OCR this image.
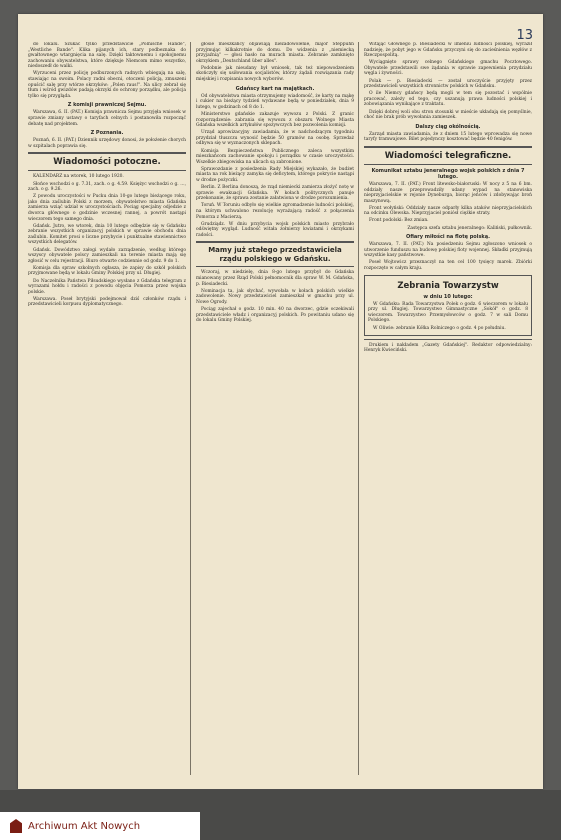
13

do lokalu. Szukać tylko przedstawicie „Polnische Hande", „Westliche Bande". Klika pijanych ich, stary podbeznaka do gwałtownego wtargnięcia na salę. Dzięki taktownemu i spokojnemu zachowaniu obywatelstwa, które dziękuje Niemcom mimo wszystko, niedoszedł do walki.

Wyrzuceni przez policję podburzonych radnych wbiegają na salę, stawiając na swoim. Polacy radni obecni, otoczeni policją, zmuszeni opuścić salę przy wtórze okrzyków: „Polen raus!". Na ulicy zebrał się tłum i wśród gwizdów padają okrzyki do ochrony porządku, ale policja tylko się przygląda.

Z komisji prawniczej Sejmu.

Warszawa, 6. II. (PAT.) Komisja prawnicza Sejmu przyjęła wniosek w sprawie zmiany ustawy o taryfach celnych i postanowiła rozpocząć debatę nad projektem.

Z Poznania.

Poznań, 6. II. (PAT.) Dziennik urzędowy donosi, że położenie chorych w szpitalach poprawia się.

Wiadomości potoczne.

KALENDARZ na wtorek, 10 lutego 1920.

Słońce wschodzi o g. 7.31, zach. o g. 4.59. Księżyc wschodzi o g. …, zach. o g. 9.26.

Z powodu uroczystości w Pucku dnia 10-go lutego bieżącego roku, jako dnia zaślubin Polski z morzem, obywatelstwo miasta Gdańska zamierza wziąć udział w uroczystościach. Pociąg specjalny odjedzie z dworca głównego o godzinie wczesnej rannej, a powrót nastąpi wieczorem tego samego dnia.

Gdańsk. Jutro, we wtorek, dnia 10 lutego odbędzie się w Gdańsku zebranie wszystkich organizacyj polskich w sprawie obchodu dnia zaślubin. Komitet prosi o liczne przybycie i punktualne stawiennictwo wszystkich delegatów.

Gdańsk. Dowództwo załogi wydało zarządzenie, według którego wszyscy obywatele polscy zamieszkali na terenie miasta mają się zgłosić w celu rejestracji. Biuro otwarte codziennie od godz. 9 do 1.

Komisja dla spraw szkolnych ogłasza, że zapisy do szkół polskich przyjmowane będą w lokalu Gminy Polskiej przy ul. Długiej.

Do Naczelnika Państwa Piłsudskiego wysłano z Gdańska telegram z wyrazami hołdu i radości z powodu objęcia Pomorza przez wojska polskie.

Warszawa. Poseł brytyjski podejmował dziś członków rządu i przedstawicieli korpusu dyplomatycznego.

głosie mieszkańcy objawiają niezadowolenie, major Steppuhn przyjmując kilkakrotnie do domu. Do widzenia z „niemiecką przyjaźnią" — głosi hasło na murach miasta. Zebranie zamknięto okrzykiem „Deutschland über alles".

Podobnie jak nieudany był wniosek, tak też niepowodzeniem skończyły się usiłowania socjalistów, którzy żądali rozwiązania rady miejskiej i rozpisania nowych wyborów.

Gdańscy kart na majątkach.

Od obywatelstwa miasta otrzymujemy wiadomość, że karty na mąkę i cukier na bieżący tydzień wydawane będą w poniedziałek, dnia 9 lutego, w godzinach od 8 do 1.

Ministerstwo gdańskie zakazuje wywozu z Polski. Z granic rozporządzenie: zabrania się wywozu z obszaru Wolnego Miasta Gdańska wszelkich artykułów spożywczych bez pozwolenia komisji.

Urząd aprowizacyjny zawiadamia, że w nadchodzącym tygodniu przydział tłuszczu wynosić będzie 50 gramów na osobę. Sprzedaż odbywa się w wyznaczonych sklepach.

Komisja Bezpieczeństwa Publicznego zaleca wszystkim mieszkańcom zachowanie spokoju i porządku w czasie uroczystości. Wszelkie zbiegowiska na ulicach są zabronione.

Sprawozdanie z posiedzenia Rady Miejskiej wykazało, że budżet miasta na rok bieżący zamyka się deficytem, którego pokrycie nastąpi w drodze pożyczki.

Berlin. Z Berlina donoszą, że rząd niemiecki zamierza złożyć notę w sprawie ewakuacji Gdańska. W kołach politycznych panuje przekonanie, że sprawa zostanie załatwiona w drodze porozumienia.

Toruń. W Toruniu odbyło się wielkie zgromadzenie ludności polskiej, na którym uchwalono rezolucję wyrażającą radość z połączenia Pomorza z Macierzą.

Grudziądz. W dniu przybycia wojsk polskich miasto przybrało odświętny wygląd. Ludność witała żołnierzy kwiatami i okrzykami radości.

Mamy już stałego przedstawiciela rządu polskiego w Gdańsku.

Wczoraj, w niedzielę, dnia 8-go lutego przybył do Gdańska mianowany przez Rząd Polski pełnomocnik dla spraw W. M. Gdańska, p. Biesiadecki.

Nominacja ta, jak słychać, wywołała w kołach polskich wielkie zadowolenie. Nowy przedstawiciel zamieszkał w gmachu przy ul. Nowe Ogrody.

Pociąg zajechał o godz. 10 min. 40 na dworzec, gdzie oczekiwali przedstawiciele władz i organizacyj polskich. Po powitaniu udano się do lokalu Gminy Polskiej.

Witając Głównego p. Biesiadecki w imieniu ludności polskiej, wyraził nadzieję, że pobyt jego w Gdańsku przyczyni się do zacieśnienia węzłów z Rzeczpospolitą.

Wyciągnięto sprawy celnego Gdańskiego gmachu Pocztowego. Obywatele przedstawili swe żądania w sprawie zapewnienia przydziału węgla i żywności.

Polak — p. Biesiadecki — został uroczyście przyjęty przez przedstawicieli wszystkich stronnictw polskich w Gdańsku.

O ile Niemcy gdańscy będą mogli w tem się pozostać i wspólnie pracować, zależy od tego, czy uszanują prawa ludności polskiej i zobowiązania wynikające z traktatu.

Dzięki dobrej woli obu stron stosunki w mieście układają się pomyślnie, choć nie brak prób wywołania zamieszek.

Dalszy ciąg okólnością.

Zarząd miasta zawiadamia, że z dniem 15 lutego wprowadza się nowe taryfy tramwajowe. Bilet pojedynczy kosztować będzie 40 fenigów.

Wiadomości telegraficzne.
Komunikat sztabu jeneralnego wojsk polskich z dnia 7 lutego.

Warszawa, 7. II. (PAT.) Front litewsko-białoruski: W nocy z 5 na 6 bm. oddziały nasze przeprowadziły udany wypad na stanowiska nieprzyjacielskie w rejonie Dyneburga, biorąc jeńców i zdobywając broń maszynową.

Front wołyński: Oddziały nasze odparły kilka ataków nieprzyjacielskich na odcinku Olewska. Nieprzyjaciel poniósł ciężkie straty.

Front podolski: Bez zmian.

Zastępca szefa sztabu jeneralnego: Kaliński, pułkownik.

Ofiary miłości na flotę polską.

Warszawa, 7. II. (PAT.) Na posiedzeniu Sejmu zgłoszono wniosek o utworzenie funduszu na budowę polskiej floty wojennej. Składki przyjmują wszystkie kasy państwowe.

Poseł Wojtowicz przeznaczył na ten cel 100 tysięcy marek. Zbiórki rozpoczęto w całym kraju.

Zebrania Towarzystw
w dniu 10 lutego:

W Gdańsku: Rada Towarzystwa Polek o godz. 6 wieczorem w lokalu przy ul. Długiej. Towarzystwo Gimnastyczne „Sokół" o godz. 8 wieczorem. Towarzystwo Przemysłowców o godz. 7 w sali Domu Polskiego.

W Oliwie: zebranie Kółka Rolniczego o godz. 4 po południu.

Drukiem i nakładem „Gazety Gdańskiej". Redaktor odpowiedzialny: Henryk Kwieciński.

Archiwum Akt Nowych
